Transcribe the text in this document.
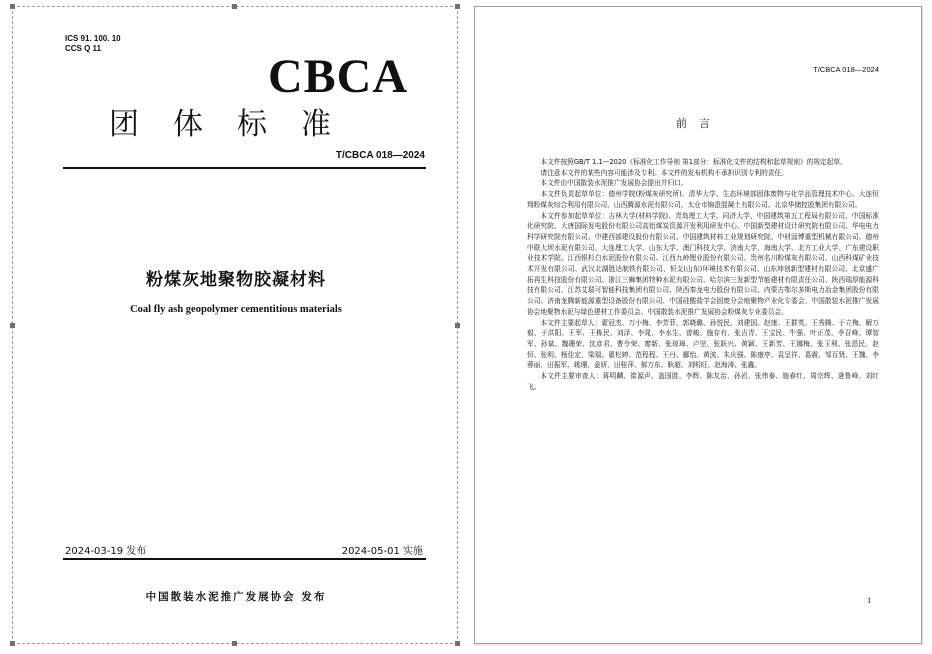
ICS 91. 100. 10
CCS Q 11
CBCA
团体标准
T/CBCA 018—2024
粉煤灰地聚物胶凝材料
Coal fly ash geopolymer cementitious materials
2024-03-19 发布	2024-05-01 实施
中国散装水泥推广发展协会 发布
T/CBCA 018—2024
前言

本文件按照GB/T 1.1—2020《标准化工作导则 第1部分：标准化文件的结构和起草规则》的规定起草。

请注意本文件的某些内容可能涉及专利。本文件的发布机构不承担识别专利的责任。

本文件由中国散装水泥推广发展协会提出并归口。

本文件负责起草单位：德州学院(粉煤灰研究所)、清华大学、生态环境部固体废物与化学品管理技术中心、大连恒翔粉煤灰综合利用有限公司、山西腾源水泥有限公司、太仓市锦澄混凝土有限公司、北京华储控股集团有限公司。

本文件参加起草单位：吉林大学(材料学院)、青岛理工大学、同济大学、中国建筑第五工程局有限公司、中国标准化研究院、大唐国际发电股份有限公司高铝煤炭资源开发利用研发中心、中国新型建材设计研究院有限公司、华电电力科学研究院有限公司、中建西部建设股份有限公司、中国建筑材料工业规划研究院、中材淄博重型机械有限公司、德州中联大坝水泥有限公司、大连理工大学、山东大学、澳门科技大学、济南大学、海南大学、北方工业大学、广东建设职业技术学院、江西银杉白水泥股份有限公司、江西九岭锂业股份有限公司、贵州名川粉煤灰有限公司、山西科煤矿业技术开发有限公司、武汉北湖胜达制铁有限公司、恒支(山东)环境技术有限公司、山东坤创新型建材有限公司、北京盛广拓再生科技股份有限公司、浙江三狮集团特种水泥有限公司、哈尔滨三发新型节能建材有限责任公司、陕西瑞厚能源科技有限公司、江苏艾瑞可智能科技集团有限公司、陕西秦龙电力股份有限公司、内蒙古鄂尔多斯电力冶金集团股份有限公司、济南龙腾新能源重型设备股份有限公司、中国硅酸盐学会固废分会地聚物产业化专委会、中国散装水泥推广发展协会地聚物水泥与绿色建材工作委员会、中国散装水泥推广发展协会粉煤灰专业委员会。

本文件主要起草人：翟冠杰、万小梅、李芳菲、郭晓璐、孙悦民、刘建国、赵康、王群英、王秀腾、于立梅、解万毅、于洪阳、王军、王栋民、刘泽、李晁、李水生、曾峻、施存有、张吉青、王宝民、牛强、叶正茂、李召峰、谭智军、孙斌、魏珊荣、沈彦君、曹令荣、廖新、张琼璋、卢坚、张跃兴、黄颖、王新芳、王娜梅、张玉利、张恩民、赵恒、张明、杨佳定、梁瑞、翟松婷、范程程、王丹、郦怡、黄波、朱庆强、陈康亭、袁呈祥、葛震、邹百贤、王魏、李蓉丽、田振军、姚珊、姜妍、田桂萍、郝万东、耿超、刘明旺、赵海涛、张鑫。

本文件主要审查人：蒋明麟、崔源声、盖国胜、李辉、陈友治、孙岩、张伟泰、施春红、周宗辉、逄鲁峰、刘红飞。

1
